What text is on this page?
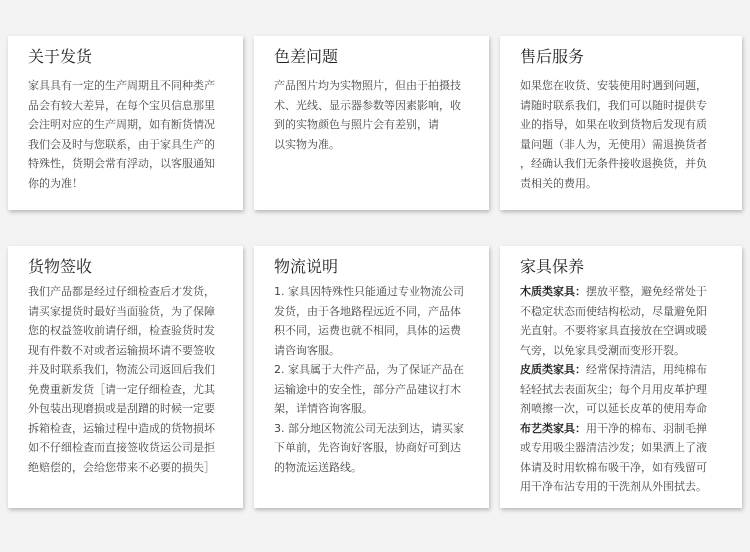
关于发货

家具具有一定的生产周期且不同种类产

品会有较大差异，在每个宝贝信息那里

会注明对应的生产周期，如有断货情况

我们会及时与您联系，由于家具生产的

特殊性，货期会常有浮动，以客服通知

你的为准！

色差问题

产品图片均为实物照片，但由于拍摄技

术、光线、显示器参数等因素影响，收

到的实物颜色与照片会有差别，请

以实物为准。

售后服务

如果您在收货、安装使用时遇到问题，

请随时联系我们，我们可以随时提供专

业的指导，如果在收到货物后发现有质

量问题（非人为，无使用）需退换货者

，经确认我们无条件接收退换货，并负

责相关的费用。

货物签收

我们产品都是经过仔细检查后才发货，

请买家提货时最好当面验货，为了保障

您的权益签收前请仔细，检查验货时发

现有件数不对或者运输损坏请不要签收

并及时联系我们，物流公司返回后我们

免费重新发货［请一定仔细检查，尤其

外包装出现磨损或是刮蹭的时候一定要

拆箱检查，运输过程中造成的货物损坏

如不仔细检查而直接签收货运公司是拒

绝赔偿的，会给您带来不必要的损失］

物流说明

1. 家具因特殊性只能通过专业物流公司

发货，由于各地路程远近不同，产品体

积不同，运费也就不相同，具体的运费

请咨询客服。

2. 家具属于大件产品，为了保证产品在

运输途中的安全性，部分产品建议打木

架，详情咨询客服。

3. 部分地区物流公司无法到达，请买家

下单前，先咨询好客服，协商好可到达

的物流运送路线。

家具保养

木质类家具：摆放平整，避免经常处于

不稳定状态而使结构松动，尽量避免阳

光直射。不要将家具直接放在空调或暖

气旁，以免家具受潮而变形开裂。

皮质类家具：经常保持清洁，用纯棉布

轻轻拭去表面灰尘；每个月用皮革护理

剂喷擦一次，可以延长皮革的使用寿命

布艺类家具：用干净的棉布、羽制毛掸

或专用吸尘器清洁沙发；如果洒上了液

体请及时用软棉布吸干净，如有残留可

用干净布沾专用的干洗剂从外围拭去。
